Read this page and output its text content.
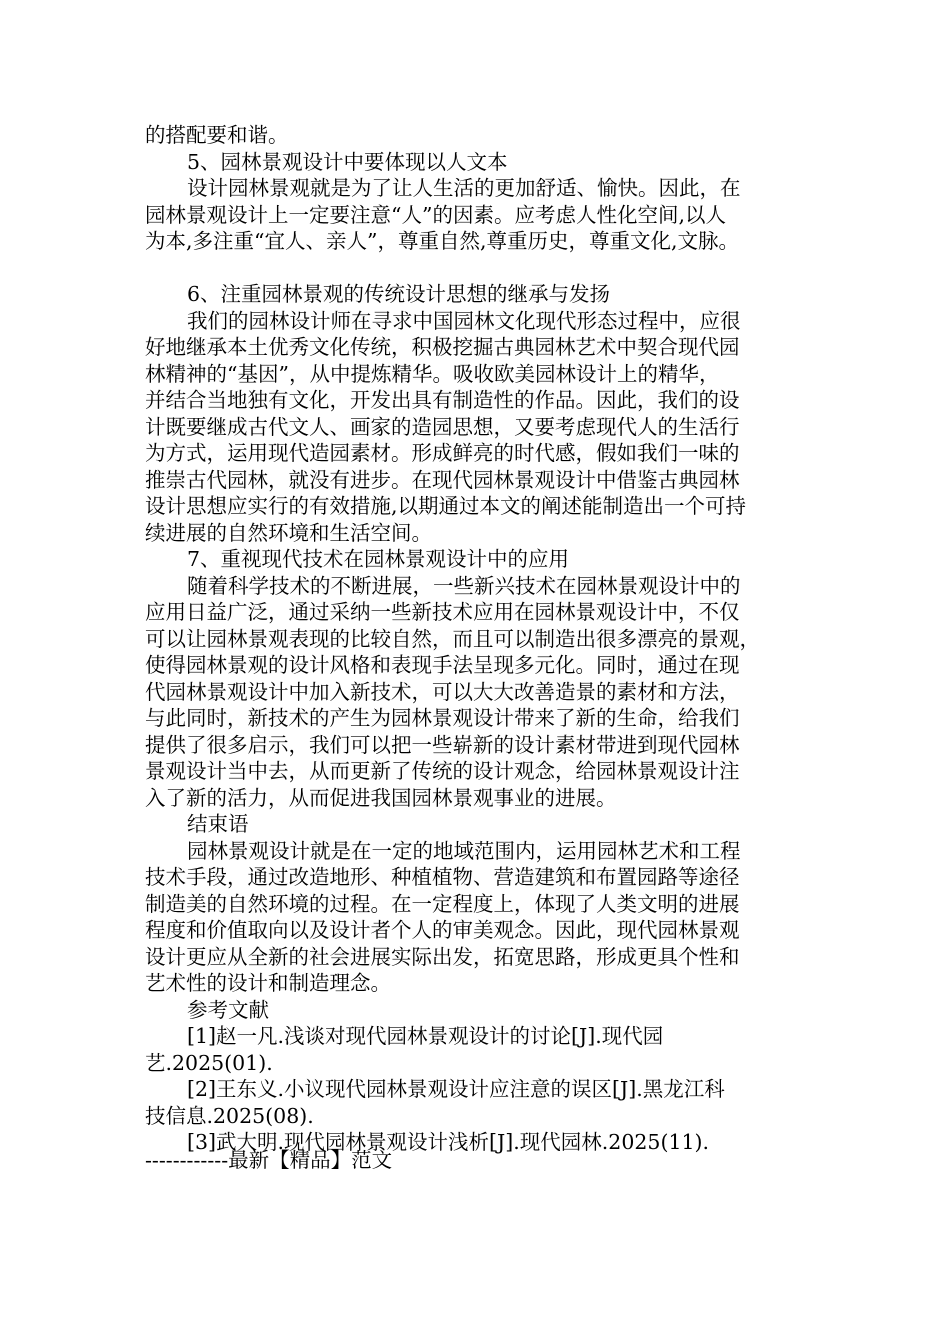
的搭配要和谐。
5、园林景观设计中要体现以人文本
设计园林景观就是为了让人生活的更加舒适、愉快。因此，在
园林景观设计上一定要注意“人”的因素。应考虑人性化空间,以人
为本,多注重“宜人、亲人”，尊重自然,尊重历史，尊重文化,文脉。
6、注重园林景观的传统设计思想的继承与发扬
我们的园林设计师在寻求中国园林文化现代形态过程中，应很
好地继承本土优秀文化传统，积极挖掘古典园林艺术中契合现代园
林精神的“基因”，从中提炼精华。吸收欧美园林设计上的精华，
并结合当地独有文化，开发出具有制造性的作品。因此，我们的设
计既要继成古代文人、画家的造园思想，又要考虑现代人的生活行
为方式，运用现代造园素材。形成鲜亮的时代感，假如我们一味的
推崇古代园林，就没有进步。在现代园林景观设计中借鉴古典园林
设计思想应实行的有效措施,以期通过本文的阐述能制造出一个可持
续进展的自然环境和生活空间。
7、重视现代技术在园林景观设计中的应用
随着科学技术的不断进展，一些新兴技术在园林景观设计中的
应用日益广泛，通过采纳一些新技术应用在园林景观设计中，不仅
可以让园林景观表现的比较自然，而且可以制造出很多漂亮的景观，
使得园林景观的设计风格和表现手法呈现多元化。同时，通过在现
代园林景观设计中加入新技术，可以大大改善造景的素材和方法，
与此同时，新技术的产生为园林景观设计带来了新的生命，给我们
提供了很多启示，我们可以把一些崭新的设计素材带进到现代园林
景观设计当中去，从而更新了传统的设计观念，给园林景观设计注
入了新的活力，从而促进我国园林景观事业的进展。
结束语
园林景观设计就是在一定的地域范围内，运用园林艺术和工程
技术手段，通过改造地形、种植植物、营造建筑和布置园路等途径
制造美的自然环境的过程。在一定程度上，体现了人类文明的进展
程度和价值取向以及设计者个人的审美观念。因此，现代园林景观
设计更应从全新的社会进展实际出发，拓宽思路，形成更具个性和
艺术性的设计和制造理念。
参考文献
[1]赵一凡.浅谈对现代园林景观设计的讨论[J].现代园
艺.2025(01).
[2]王东义.小议现代园林景观设计应注意的误区[J].黑龙江科
技信息.2025(08).
[3]武大明.现代园林景观设计浅析[J].现代园林.2025(11).
------------最新【精品】范文
